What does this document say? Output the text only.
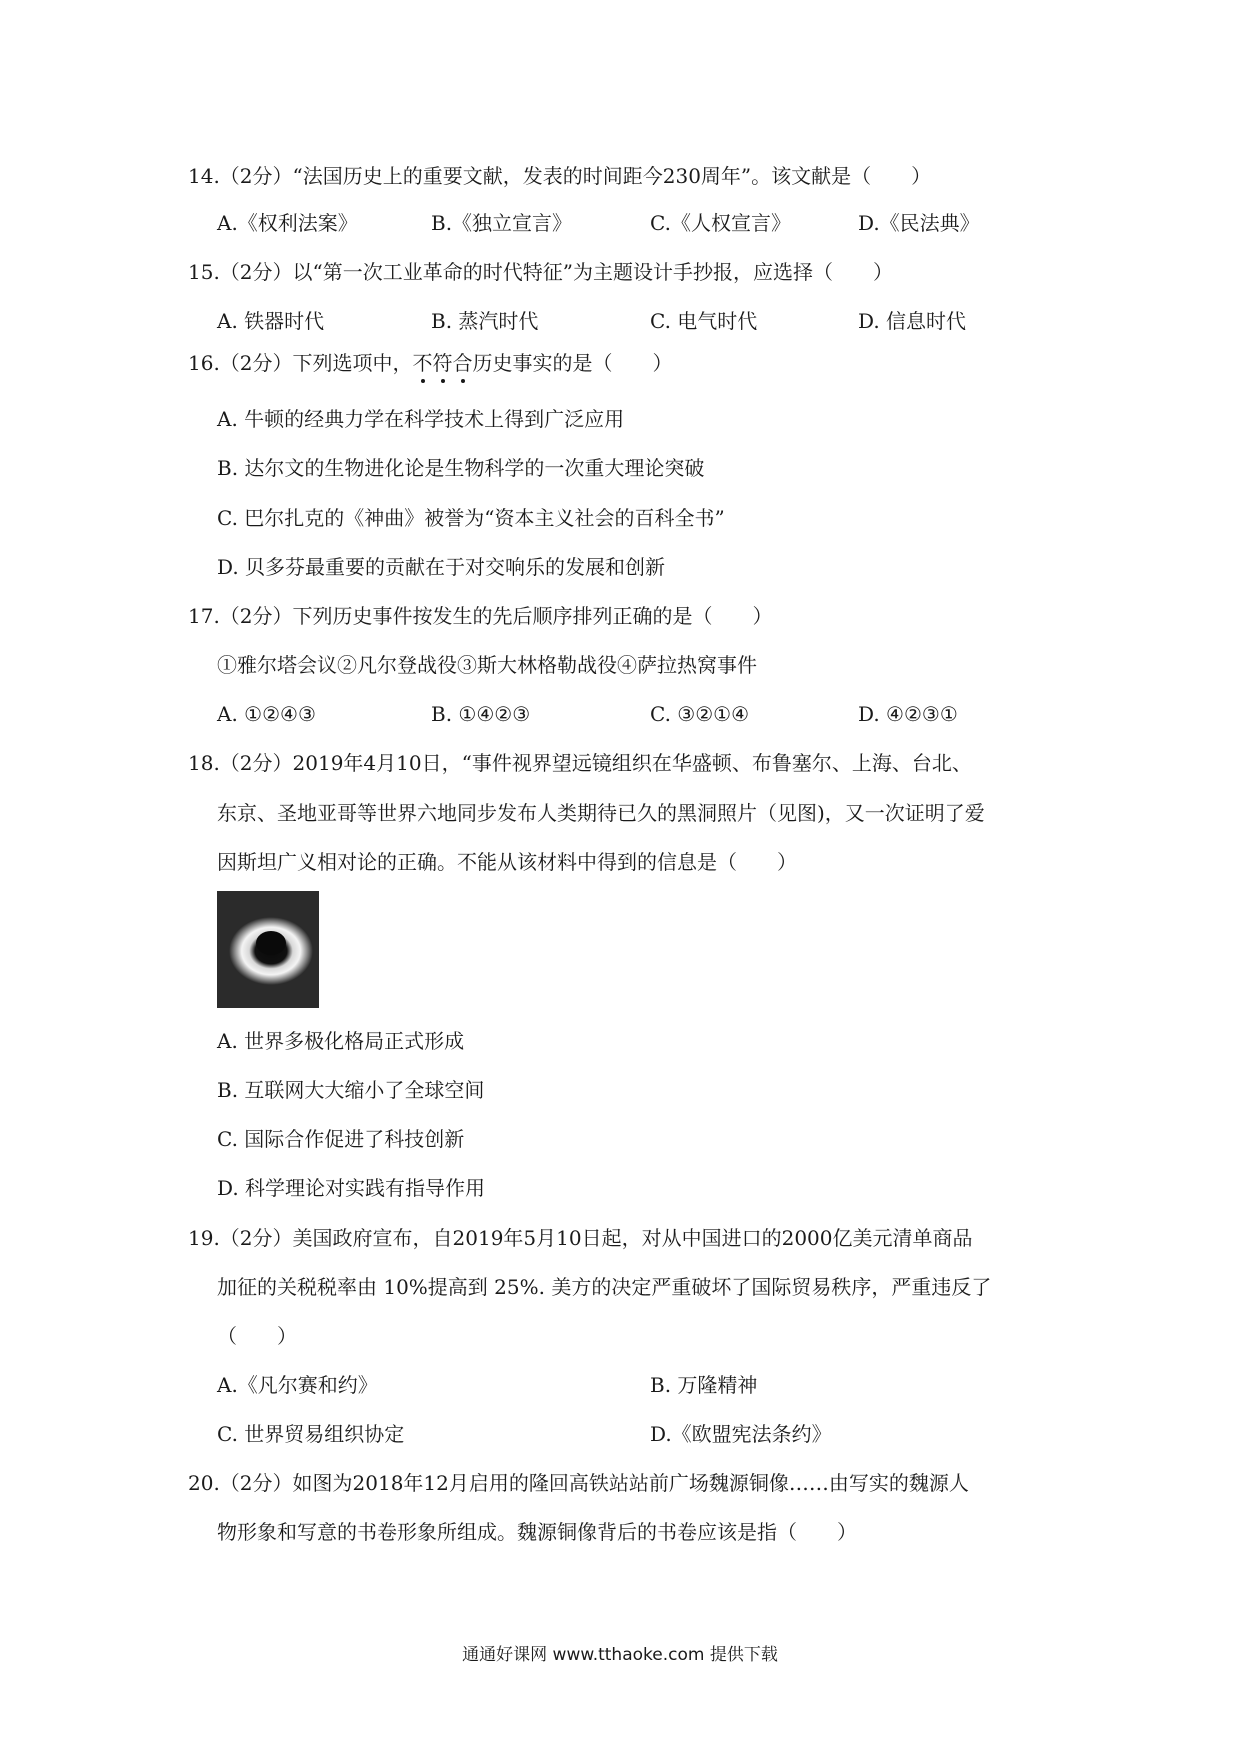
14.（2分）“法国历史上的重要文献，发表的时间距今230周年”。该文献是（　　）
A.《权利法案》	B.《独立宣言》	C.《人权宣言》	D.《民法典》
15.（2分）以“第一次工业革命的时代特征”为主题设计手抄报，应选择（　　）
A. 铁器时代	B. 蒸汽时代	C. 电气时代	D. 信息时代
16.（2分）下列选项中，不符合历史事实的是（　　）
A. 牛顿的经典力学在科学技术上得到广泛应用
B. 达尔文的生物进化论是生物科学的一次重大理论突破
C. 巴尔扎克的《神曲》被誉为“资本主义社会的百科全书”
D. 贝多芬最重要的贡献在于对交响乐的发展和创新
17.（2分）下列历史事件按发生的先后顺序排列正确的是（　　）
①雅尔塔会议②凡尔登战役③斯大林格勒战役④萨拉热窝事件
A. ①②④③	B. ①④②③	C. ③②①④	D. ④②③①
18.（2分）2019年4月10日，“事件视界望远镜组织在华盛顿、布鲁塞尔、上海、台北、
东京、圣地亚哥等世界六地同步发布人类期待已久的黑洞照片（见图)，又一次证明了爱
因斯坦广义相对论的正确。不能从该材料中得到的信息是（　　）
A. 世界多极化格局正式形成
B. 互联网大大缩小了全球空间
C. 国际合作促进了科技创新
D. 科学理论对实践有指导作用
19.（2分）美国政府宣布，自2019年5月10日起，对从中国进口的2000亿美元清单商品
加征的关税税率由 10%提高到 25%. 美方的决定严重破坏了国际贸易秩序，严重违反了
（　　）
A.《凡尔赛和约》	B. 万隆精神
C. 世界贸易组织协定	D.《欧盟宪法条约》
20.（2分）如图为2018年12月启用的隆回高铁站站前广场魏源铜像……由写实的魏源人
物形象和写意的书卷形象所组成。魏源铜像背后的书卷应该是指（　　）
通通好课网 www.tthaoke.com 提供下载
